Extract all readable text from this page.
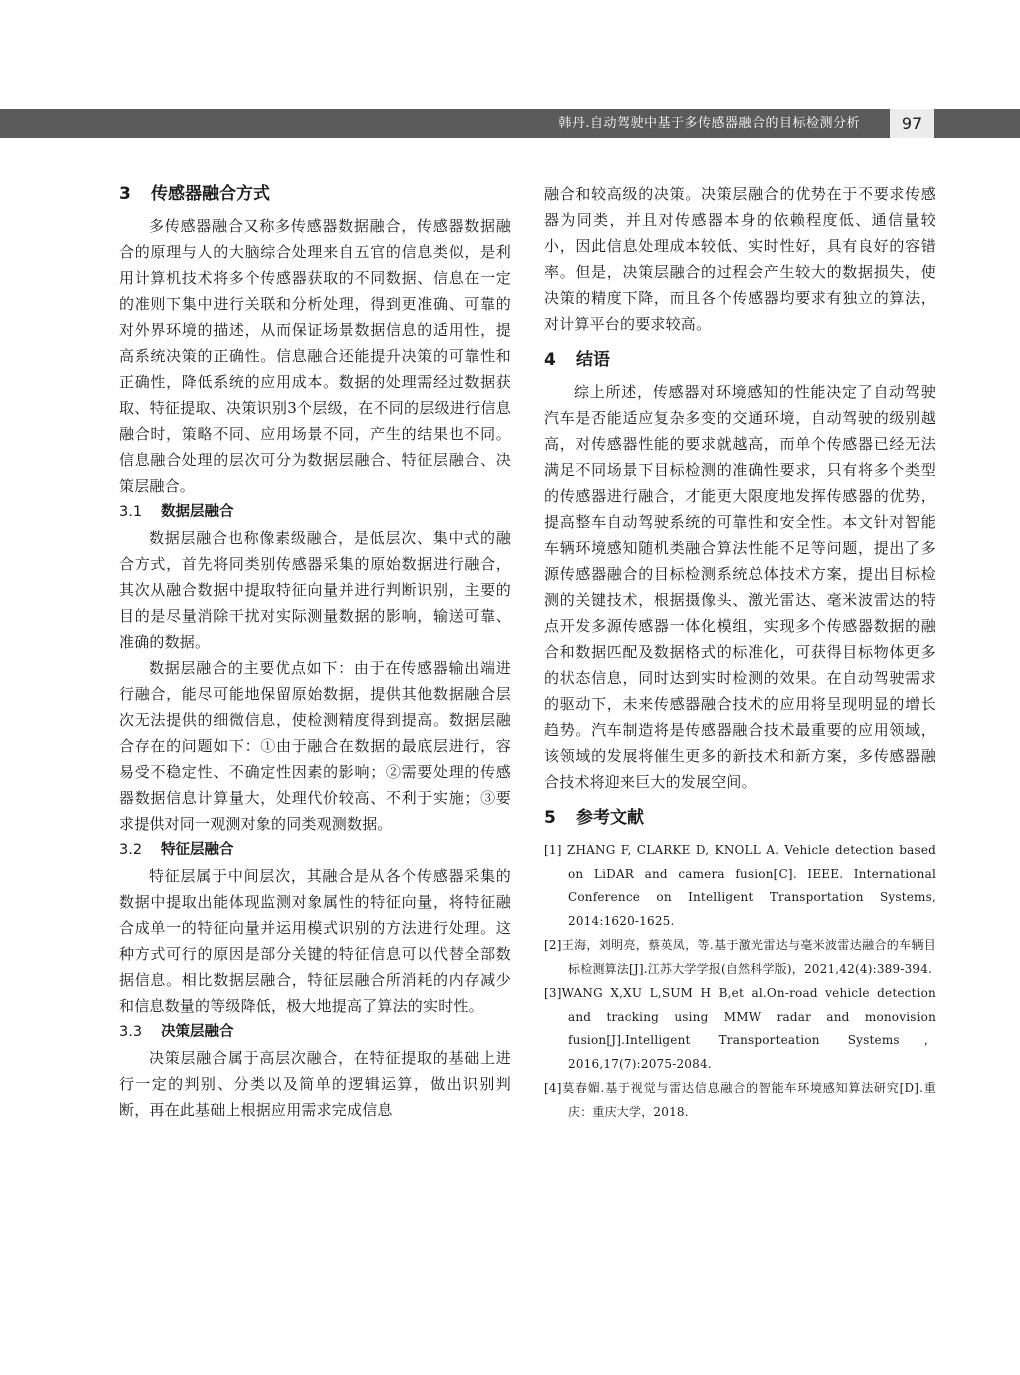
韩丹.自动驾驶中基于多传感器融合的目标检测分析	97
3 传感器融合方式

多传感器融合又称多传感器数据融合，传感器数据融合的原理与人的大脑综合处理来自五官的信息类似，是利用计算机技术将多个传感器获取的不同数据、信息在一定的准则下集中进行关联和分析处理，得到更准确、可靠的对外界环境的描述，从而保证场景数据信息的适用性，提高系统决策的正确性。信息融合还能提升决策的可靠性和正确性，降低系统的应用成本。数据的处理需经过数据获取、特征提取、决策识别3个层级，在不同的层级进行信息融合时，策略不同、应用场景不同，产生的结果也不同。信息融合处理的层次可分为数据层融合、特征层融合、决策层融合。

3.1 数据层融合

数据层融合也称像素级融合，是低层次、集中式的融合方式，首先将同类别传感器采集的原始数据进行融合，其次从融合数据中提取特征向量并进行判断识别，主要的目的是尽量消除干扰对实际测量数据的影响，输送可靠、准确的数据。

数据层融合的主要优点如下：由于在传感器输出端进行融合，能尽可能地保留原始数据，提供其他数据融合层次无法提供的细微信息，使检测精度得到提高。数据层融合存在的问题如下：①由于融合在数据的最底层进行，容易受不稳定性、不确定性因素的影响；②需要处理的传感器数据信息计算量大，处理代价较高、不利于实施；③要求提供对同一观测对象的同类观测数据。

3.2 特征层融合

特征层属于中间层次，其融合是从各个传感器采集的数据中提取出能体现监测对象属性的特征向量，将特征融合成单一的特征向量并运用模式识别的方法进行处理。这种方式可行的原因是部分关键的特征信息可以代替全部数据信息。相比数据层融合，特征层融合所消耗的内存减少和信息数量的等级降低，极大地提高了算法的实时性。

3.3 决策层融合

决策层融合属于高层次融合，在特征提取的基础上进行一定的判别、分类以及简单的逻辑运算，做出识别判断，再在此基础上根据应用需求完成信息

融合和较高级的决策。决策层融合的优势在于不要求传感器为同类，并且对传感器本身的依赖程度低、通信量较小，因此信息处理成本较低、实时性好，具有良好的容错率。但是，决策层融合的过程会产生较大的数据损失，使决策的精度下降，而且各个传感器均要求有独立的算法，对计算平台的要求较高。

4 结语

综上所述，传感器对环境感知的性能决定了自动驾驶汽车是否能适应复杂多变的交通环境，自动驾驶的级别越高，对传感器性能的要求就越高，而单个传感器已经无法满足不同场景下目标检测的准确性要求，只有将多个类型的传感器进行融合，才能更大限度地发挥传感器的优势，提高整车自动驾驶系统的可靠性和安全性。本文针对智能车辆环境感知随机类融合算法性能不足等问题，提出了多源传感器融合的目标检测系统总体技术方案，提出目标检测的关键技术，根据摄像头、激光雷达、毫米波雷达的特点开发多源传感器一体化模组，实现多个传感器数据的融合和数据匹配及数据格式的标准化，可获得目标物体更多的状态信息，同时达到实时检测的效果。在自动驾驶需求的驱动下，未来传感器融合技术的应用将呈现明显的增长趋势。汽车制造将是传感器融合技术最重要的应用领域，该领域的发展将催生更多的新技术和新方案，多传感器融合技术将迎来巨大的发展空间。

5 参考文献

[1] ZHANG F, CLARKE D, KNOLL A. Vehicle detection based on LiDAR and camera fusion[C]. IEEE. International Conference on Intelligent Transportation Systems, 2014:1620-1625.

[2]王海，刘明亮，蔡英凤，等.基于激光雷达与毫米波雷达融合的车辆目标检测算法[J].江苏大学学报(自然科学版)，2021,42(4):389-394.

[3]WANG X,XU L,SUM H B,et al.On-road vehicle detection and tracking using MMW radar and monovision fusion[J].Intelligent Transporteation Systems，2016,17(7):2075-2084.

[4]莫春媚.基于视觉与雷达信息融合的智能车环境感知算法研究[D].重庆：重庆大学，2018.
